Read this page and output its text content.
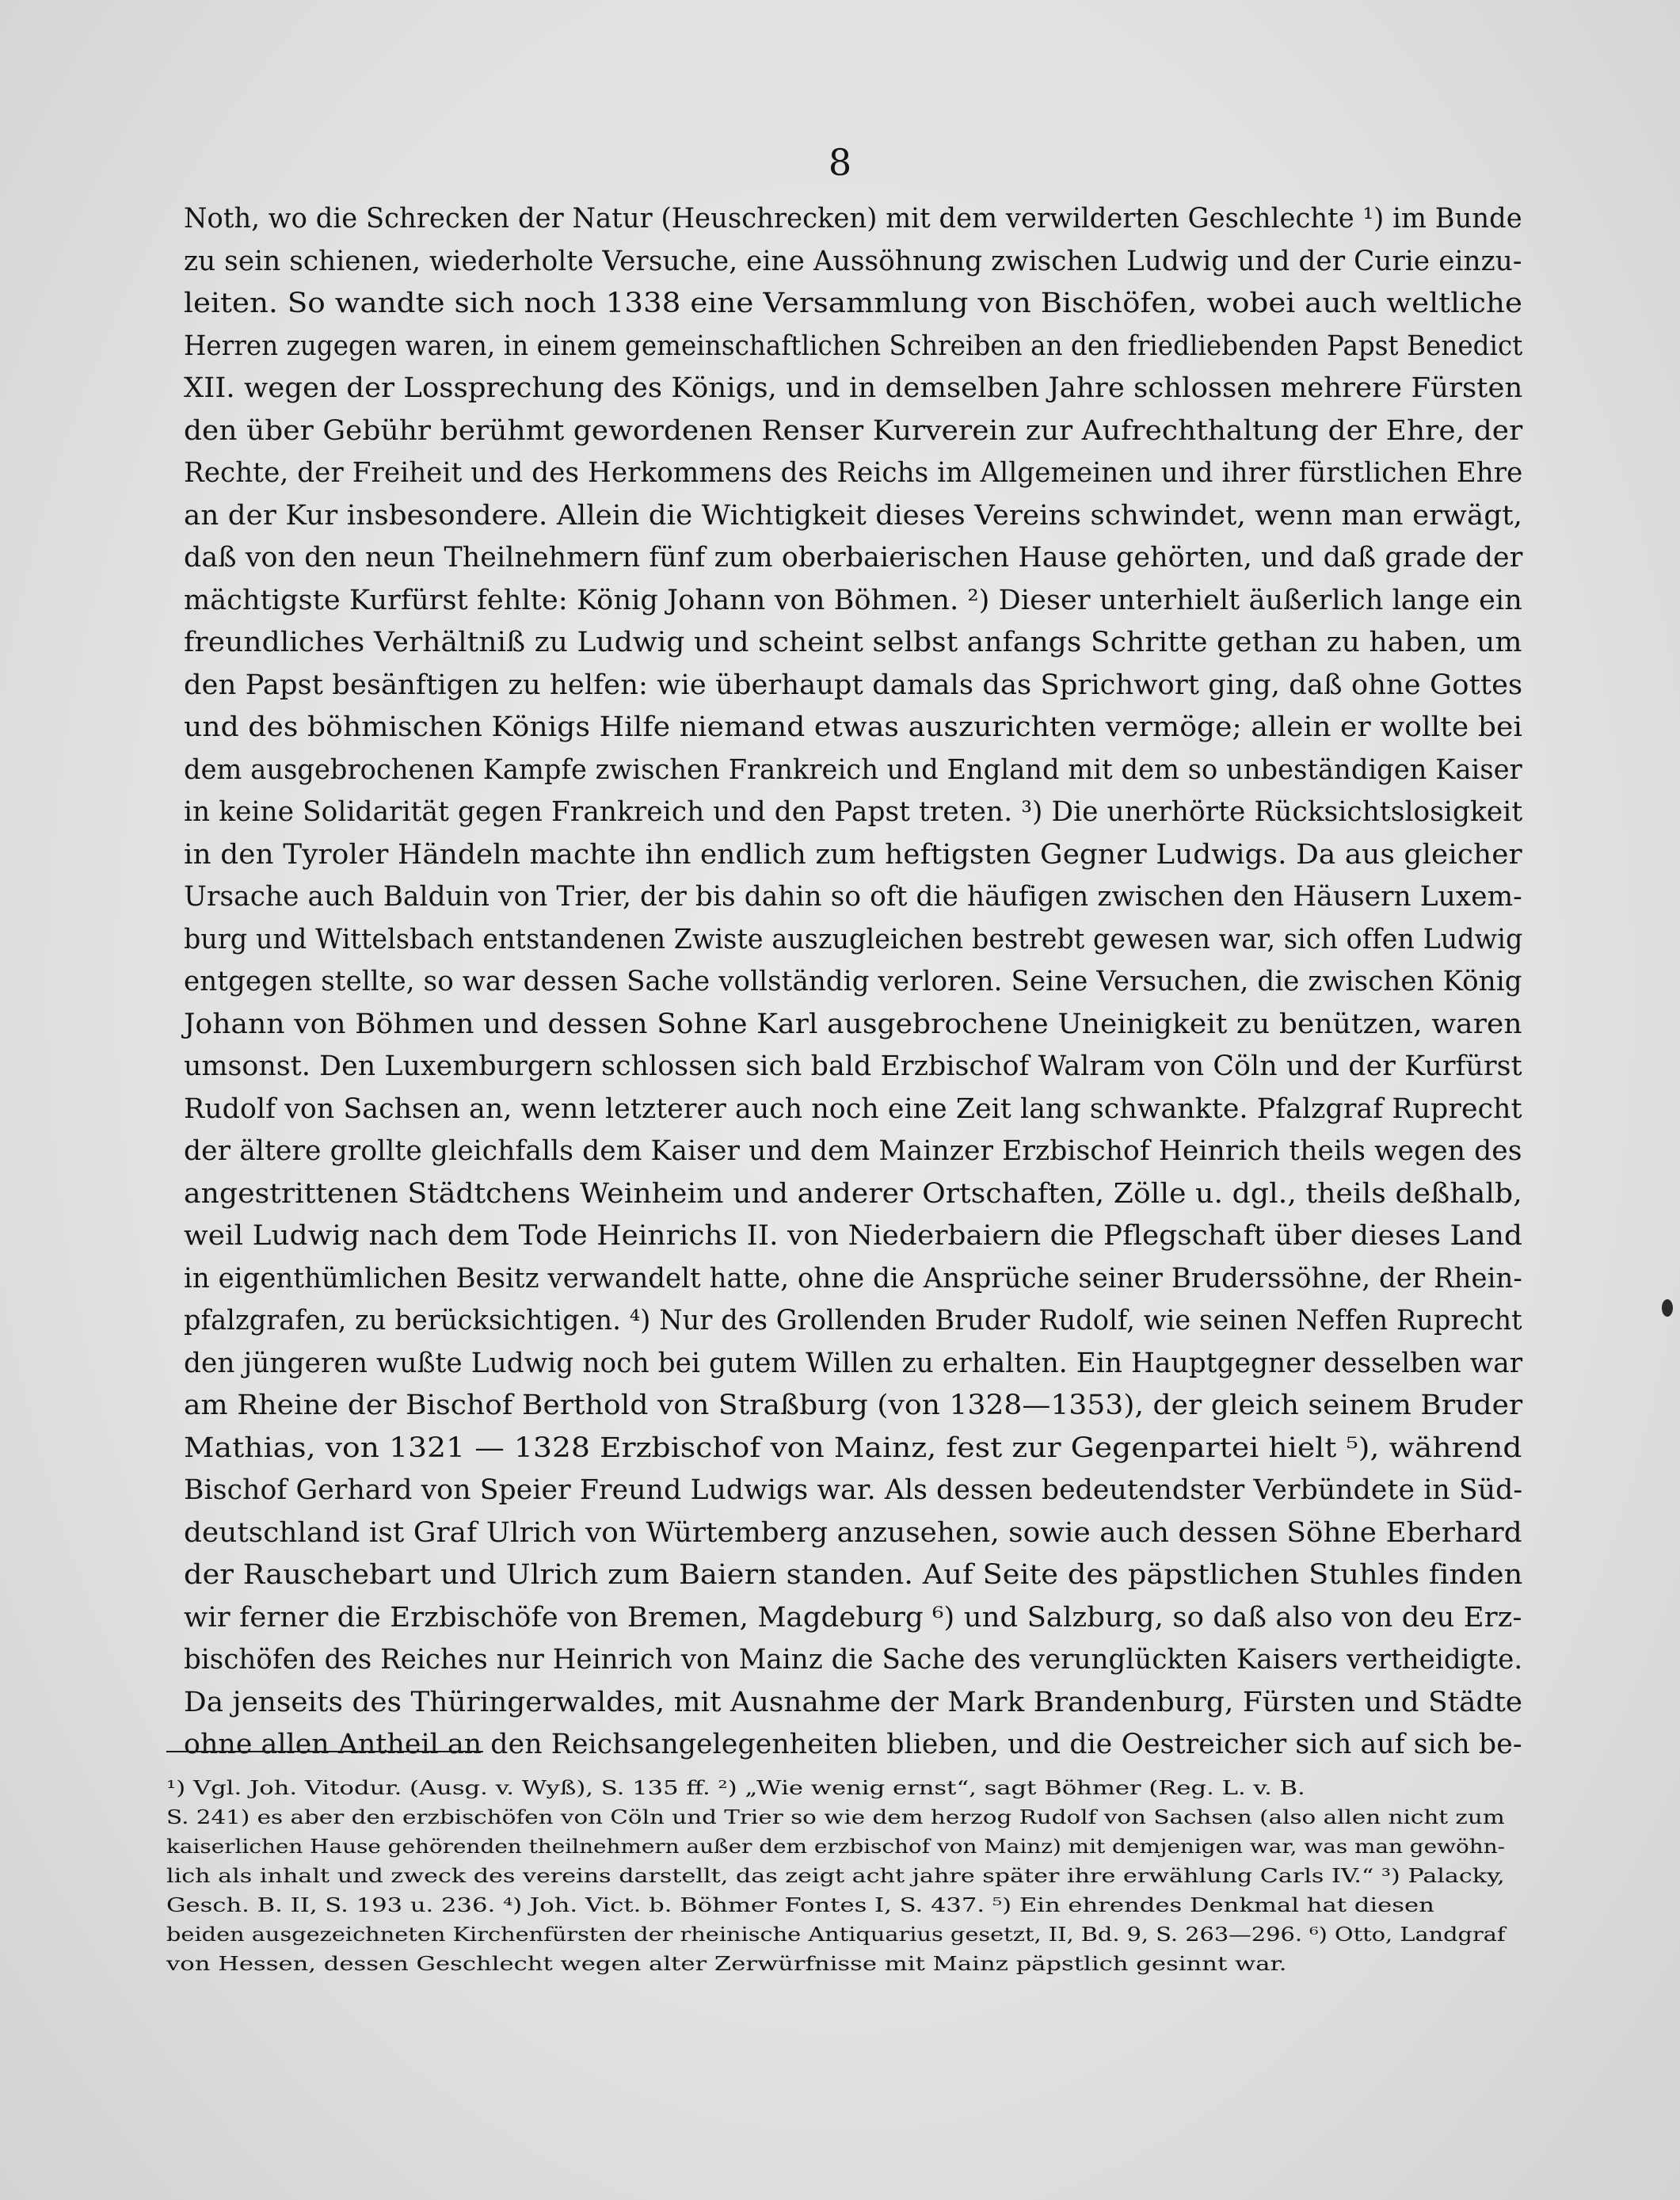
8
Noth, wo die Schrecken der Natur (Heuschrecken) mit dem verwilderten Geschlechte ¹) im Bunde
zu sein schienen, wiederholte Versuche, eine Aussöhnung zwischen Ludwig und der Curie einzu-
leiten. So wandte sich noch 1338 eine Versammlung von Bischöfen, wobei auch weltliche
Herren zugegen waren, in einem gemeinschaftlichen Schreiben an den friedliebenden Papst Benedict
XII. wegen der Lossprechung des Königs, und in demselben Jahre schlossen mehrere Fürsten
den über Gebühr berühmt gewordenen Renser Kurverein zur Aufrechthaltung der Ehre, der
Rechte, der Freiheit und des Herkommens des Reichs im Allgemeinen und ihrer fürstlichen Ehre
an der Kur insbesondere. Allein die Wichtigkeit dieses Vereins schwindet, wenn man erwägt,
daß von den neun Theilnehmern fünf zum oberbaierischen Hause gehörten, und daß grade der
mächtigste Kurfürst fehlte: König Johann von Böhmen. ²) Dieser unterhielt äußerlich lange ein
freundliches Verhältniß zu Ludwig und scheint selbst anfangs Schritte gethan zu haben, um
den Papst besänftigen zu helfen: wie überhaupt damals das Sprichwort ging, daß ohne Gottes
und des böhmischen Königs Hilfe niemand etwas auszurichten vermöge; allein er wollte bei
dem ausgebrochenen Kampfe zwischen Frankreich und England mit dem so unbeständigen Kaiser
in keine Solidarität gegen Frankreich und den Papst treten. ³) Die unerhörte Rücksichtslosigkeit
in den Tyroler Händeln machte ihn endlich zum heftigsten Gegner Ludwigs. Da aus gleicher
Ursache auch Balduin von Trier, der bis dahin so oft die häufigen zwischen den Häusern Luxem-
burg und Wittelsbach entstandenen Zwiste auszugleichen bestrebt gewesen war, sich offen Ludwig
entgegen stellte, so war dessen Sache vollständig verloren. Seine Versuchen, die zwischen König
Johann von Böhmen und dessen Sohne Karl ausgebrochene Uneinigkeit zu benützen, waren
umsonst. Den Luxemburgern schlossen sich bald Erzbischof Walram von Cöln und der Kurfürst
Rudolf von Sachsen an, wenn letzterer auch noch eine Zeit lang schwankte. Pfalzgraf Ruprecht
der ältere grollte gleichfalls dem Kaiser und dem Mainzer Erzbischof Heinrich theils wegen des
angestrittenen Städtchens Weinheim und anderer Ortschaften, Zölle u. dgl., theils deßhalb,
weil Ludwig nach dem Tode Heinrichs II. von Niederbaiern die Pflegschaft über dieses Land
in eigenthümlichen Besitz verwandelt hatte, ohne die Ansprüche seiner Bruderssöhne, der Rhein-
pfalzgrafen, zu berücksichtigen. ⁴) Nur des Grollenden Bruder Rudolf, wie seinen Neffen Ruprecht
den jüngeren wußte Ludwig noch bei gutem Willen zu erhalten. Ein Hauptgegner desselben war
am Rheine der Bischof Berthold von Straßburg (von 1328—1353), der gleich seinem Bruder
Mathias, von 1321 — 1328 Erzbischof von Mainz, fest zur Gegenpartei hielt ⁵), während
Bischof Gerhard von Speier Freund Ludwigs war. Als dessen bedeutendster Verbündete in Süd-
deutschland ist Graf Ulrich von Würtemberg anzusehen, sowie auch dessen Söhne Eberhard
der Rauschebart und Ulrich zum Baiern standen. Auf Seite des päpstlichen Stuhles finden
wir ferner die Erzbischöfe von Bremen, Magdeburg ⁶) und Salzburg, so daß also von deu Erz-
bischöfen des Reiches nur Heinrich von Mainz die Sache des verunglückten Kaisers vertheidigte.
Da jenseits des Thüringerwaldes, mit Ausnahme der Mark Brandenburg, Fürsten und Städte
ohne allen Antheil an den Reichsangelegenheiten blieben, und die Oestreicher sich auf sich be-
¹) Vgl. Joh. Vitodur. (Ausg. v. Wyß), S. 135 ff. ²) „Wie wenig ernst“, sagt Böhmer (Reg. L. v. B.
S. 241) es aber den erzbischöfen von Cöln und Trier so wie dem herzog Rudolf von Sachsen (also allen nicht zum
kaiserlichen Hause gehörenden theilnehmern außer dem erzbischof von Mainz) mit demjenigen war, was man gewöhn-
lich als inhalt und zweck des vereins darstellt, das zeigt acht jahre später ihre erwählung Carls IV.“ ³) Palacky,
Gesch. B. II, S. 193 u. 236. ⁴) Joh. Vict. b. Böhmer Fontes I, S. 437. ⁵) Ein ehrendes Denkmal hat diesen
beiden ausgezeichneten Kirchenfürsten der rheinische Antiquarius gesetzt, II, Bd. 9, S. 263—296. ⁶) Otto, Landgraf
von Hessen, dessen Geschlecht wegen alter Zerwürfnisse mit Mainz päpstlich gesinnt war.
